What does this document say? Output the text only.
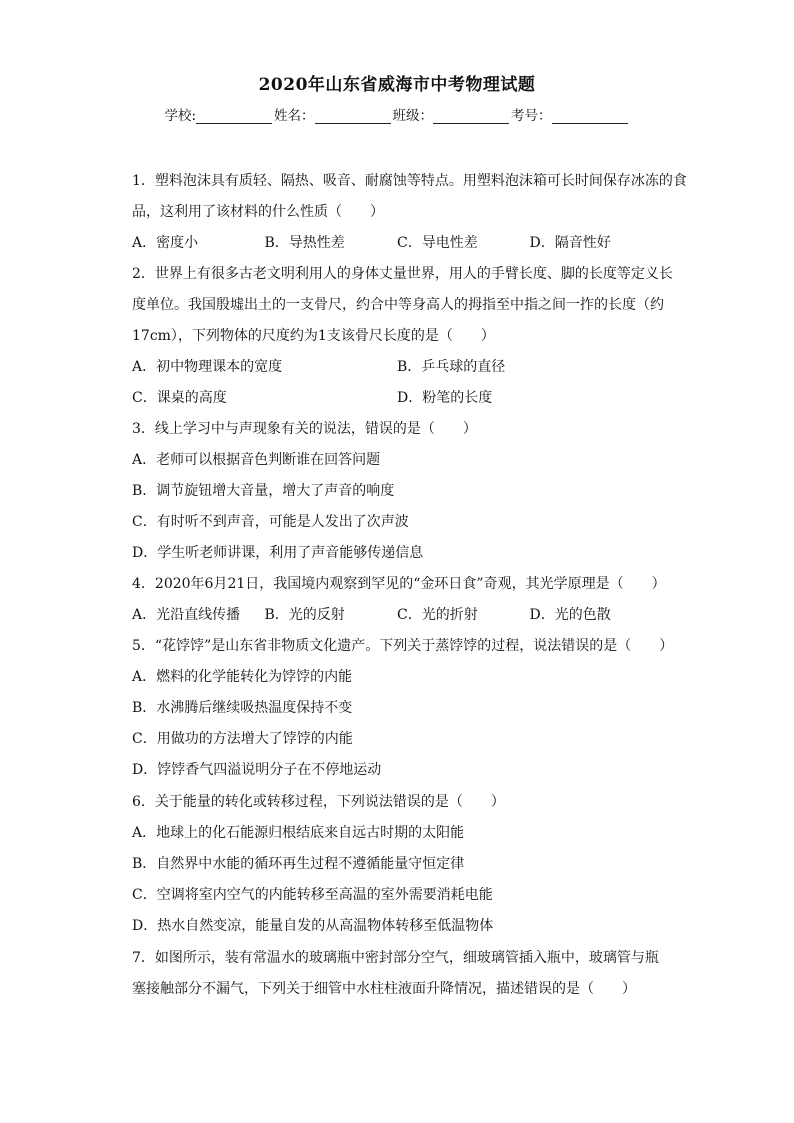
2020年山东省威海市中考物理试题
学校:	姓名：	班级：	考号：
1．塑料泡沫具有质轻、隔热、吸音、耐腐蚀等特点。用塑料泡沫箱可长时间保存冰冻的食
品，这利用了该材料的什么性质（　　）
A．密度小	B．导热性差	C．导电性差	D．隔音性好
2．世界上有很多古老文明利用人的身体丈量世界，用人的手臂长度、脚的长度等定义长
度单位。我国殷墟出土的一支骨尺，约合中等身高人的拇指至中指之间一拃的长度（约
17cm），下列物体的尺度约为1支该骨尺长度的是（　　）
A．初中物理课本的宽度	B．乒乓球的直径
C．课桌的高度	D．粉笔的长度
3．线上学习中与声现象有关的说法，错误的是（　　）
A．老师可以根据音色判断谁在回答问题
B．调节旋钮增大音量，增大了声音的响度
C．有时听不到声音，可能是人发出了次声波
D．学生听老师讲课，利用了声音能够传递信息
4．2020年6月21日，我国境内观察到罕见的“金环日食”奇观，其光学原理是（　　）
A．光沿直线传播	B．光的反射	C．光的折射	D．光的色散
5．“花饽饽”是山东省非物质文化遗产。下列关于蒸饽饽的过程，说法错误的是（　　）
A．燃料的化学能转化为饽饽的内能
B．水沸腾后继续吸热温度保持不变
C．用做功的方法增大了饽饽的内能
D．饽饽香气四溢说明分子在不停地运动
6．关于能量的转化或转移过程，下列说法错误的是（　　）
A．地球上的化石能源归根结底来自远古时期的太阳能
B．自然界中水能的循环再生过程不遵循能量守恒定律
C．空调将室内空气的内能转移至高温的室外需要消耗电能
D．热水自然变凉，能量自发的从高温物体转移至低温物体
7．如图所示，装有常温水的玻璃瓶中密封部分空气，细玻璃管插入瓶中，玻璃管与瓶
塞接触部分不漏气，下列关于细管中水柱柱液面升降情况，描述错误的是（　　）
